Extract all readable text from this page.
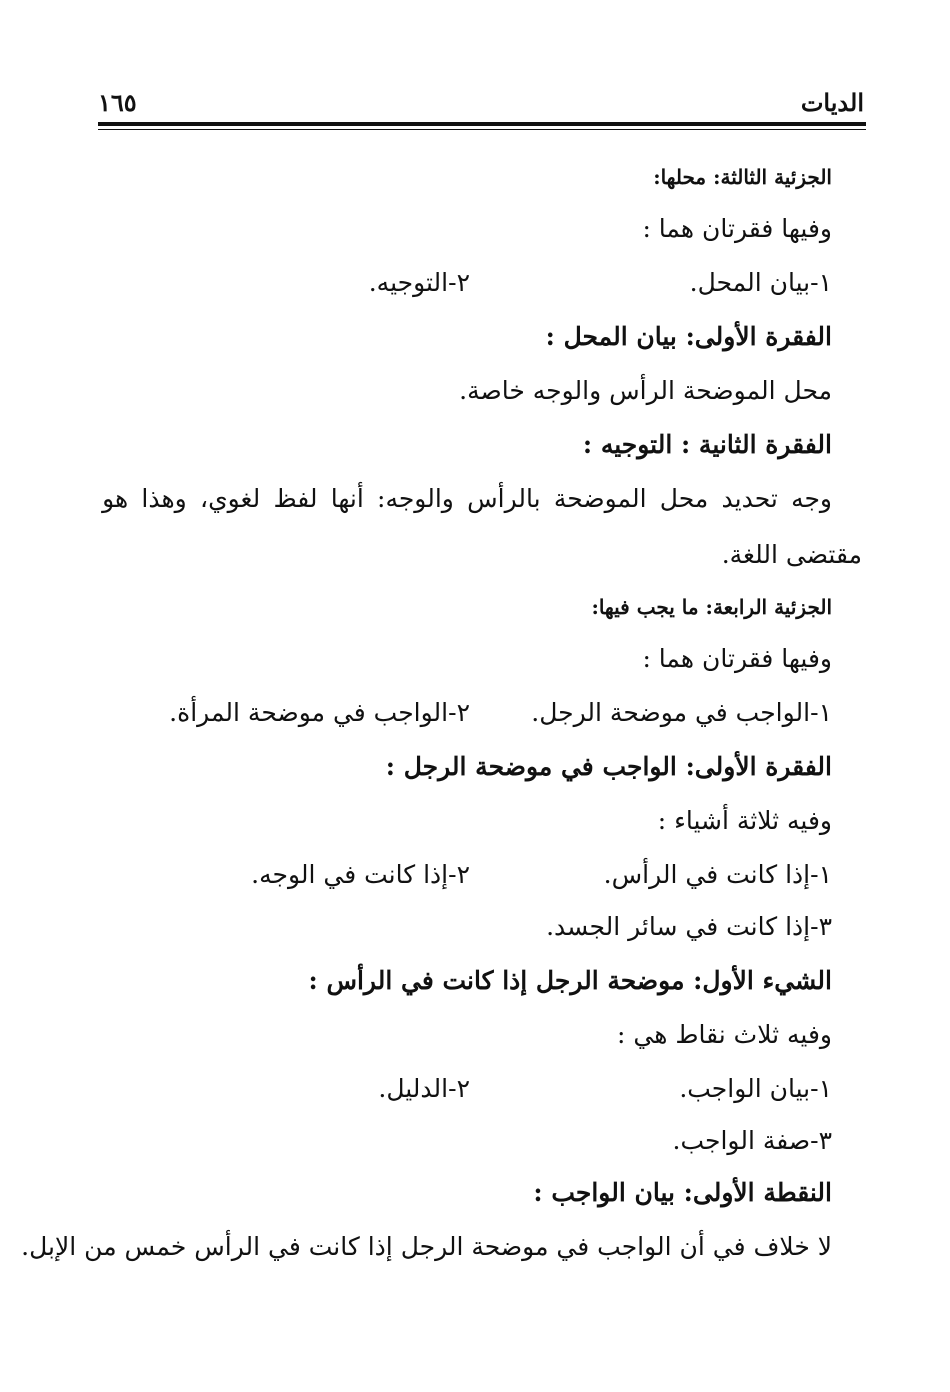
الديات
١٦٥
الجزئية الثالثة: محلها:
وفيها فقرتان هما :
١-بيان المحل.
٢-التوجيه.
الفقرة الأولى: بيان المحل :
محل الموضحة الرأس والوجه خاصة.
الفقرة الثانية : التوجيه :
وجه
تحديد
محل
الموضحة
بالرأس
والوجه:
أنها
لفظ
لغوي،
وهذا
هو
مقتضى اللغة.
الجزئية الرابعة: ما يجب فيها:
وفيها فقرتان هما :
١-الواجب في موضحة الرجل.
٢-الواجب في موضحة المرأة.
الفقرة الأولى: الواجب في موضحة الرجل :
وفيه ثلاثة أشياء :
١-إذا كانت في الرأس.
٢-إذا كانت في الوجه.
٣-إذا كانت في سائر الجسد.
الشيء الأول: موضحة الرجل إذا كانت في الرأس :
وفيه ثلاث نقاط هي :
١-بيان الواجب.
٢-الدليل.
٣-صفة الواجب.
النقطة الأولى: بيان الواجب :
لا خلاف في أن الواجب في موضحة الرجل إذا كانت في الرأس خمس من الإبل.
